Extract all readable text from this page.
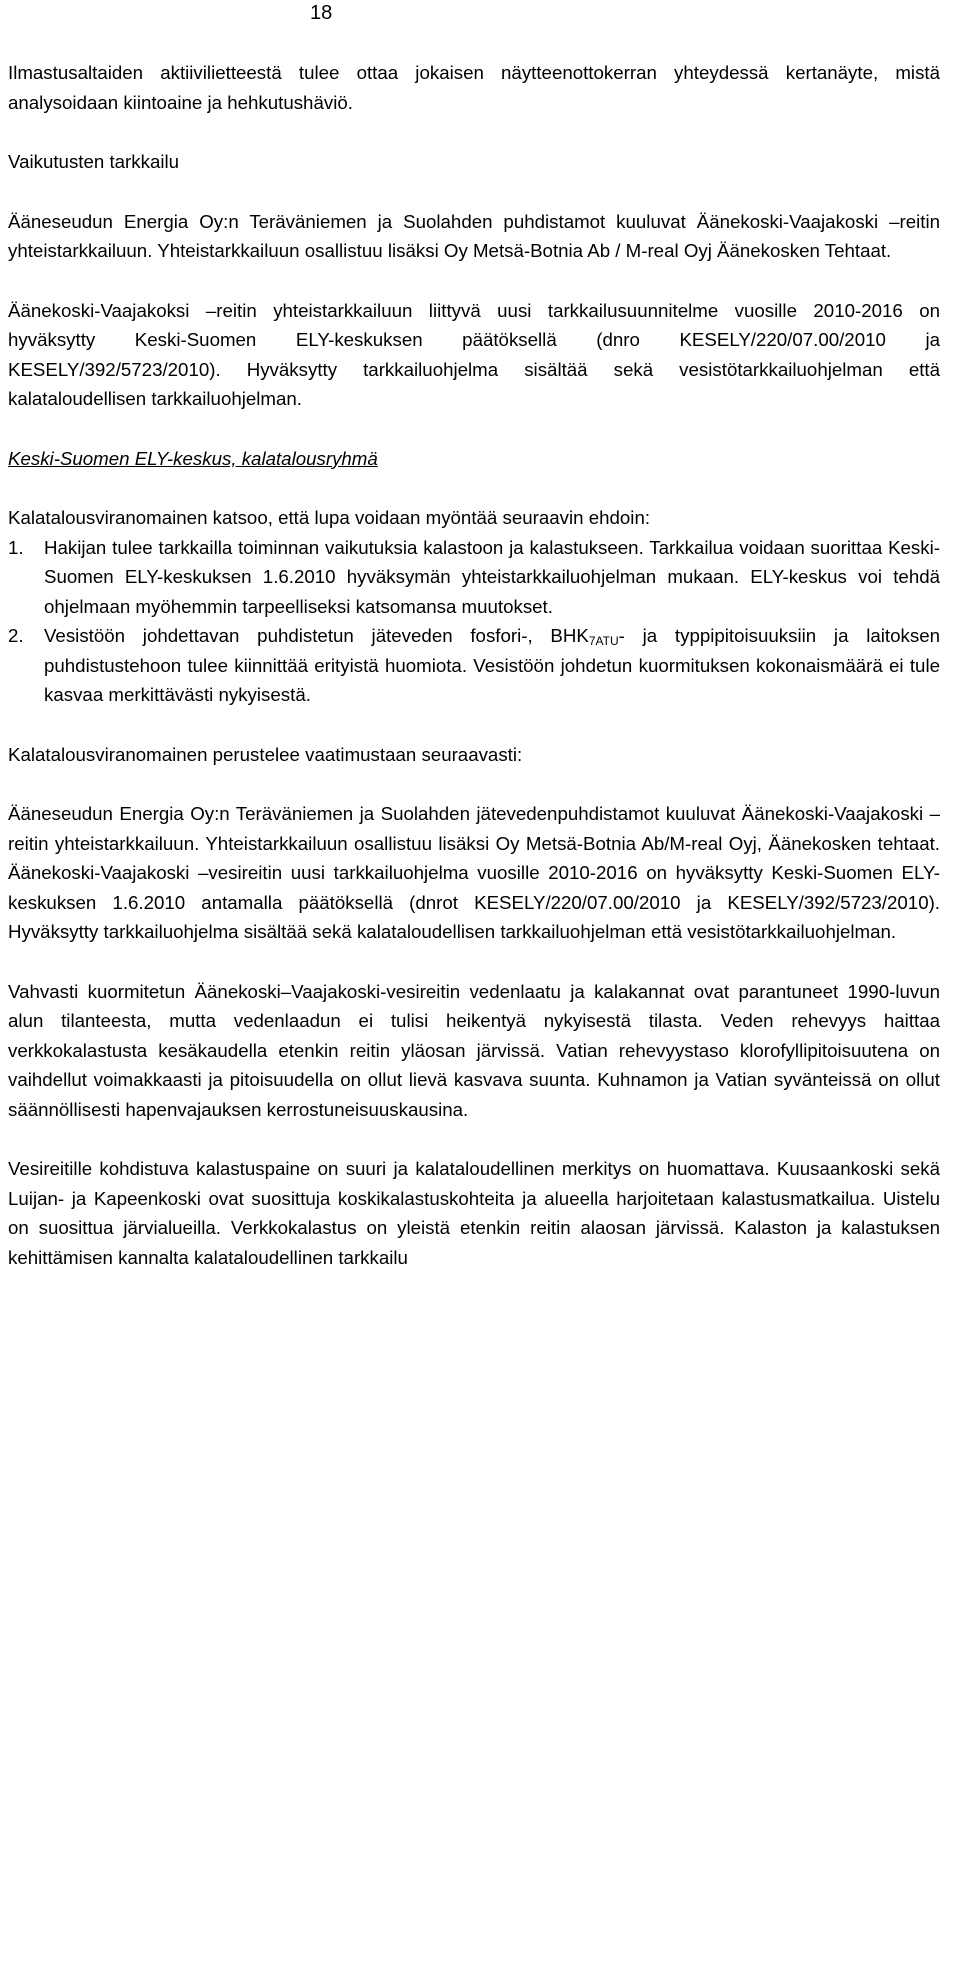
18

Ilmastusaltaiden aktiivilietteestä tulee ottaa jokaisen näytteenottokerran yhteydessä kertanäyte, mistä analysoidaan kiintoaine ja hehkutushäviö.

Vaikutusten tarkkailu

Ääneseudun Energia Oy:n Teräväniemen ja Suolahden puhdistamot kuuluvat Äänekoski-Vaajakoski –reitin yhteistarkkailuun. Yhteistarkkailuun osallistuu lisäksi Oy Metsä-Botnia Ab / M-real Oyj Äänekosken Tehtaat.

Äänekoski-Vaajakoksi –reitin yhteistarkkailuun liittyvä uusi tarkkailusuunnitelme vuosille 2010-2016 on hyväksytty Keski-Suomen ELY-keskuksen päätöksellä (dnro KESELY/220/07.00/2010 ja KESELY/392/5723/2010). Hyväksytty tarkkailuohjelma sisältää sekä vesistötarkkailuohjelman että kalataloudellisen tarkkailuohjelman.

Keski-Suomen ELY-keskus, kalatalousryhmä

Kalatalousviranomainen katsoo, että lupa voidaan myöntää seuraavin ehdoin:

1. Hakijan tulee tarkkailla toiminnan vaikutuksia kalastoon ja kalastukseen. Tarkkailua voidaan suorittaa Keski-Suomen ELY-keskuksen 1.6.2010 hyväksymän yhteistarkkailuohjelman mukaan. ELY-keskus voi tehdä ohjelmaan myöhemmin tarpeelliseksi katsomansa muutokset.
2. Vesistöön johdettavan puhdistetun jäteveden fosfori-, $BHK_{7ATU}-$ ja typpipitoisuuksiin ja laitoksen puhdistustehoon tulee kiinnittää erityistä huomiota. Vesistöön johdetun kuormituksen kokonaismäärä ei tule kasvaa merkittävästi nykyisestä.

Kalatalousviranomainen perustelee vaatimustaan seuraavasti:

Ääneseudun Energia Oy:n Teräväniemen ja Suolahden jätevedenpuhdistamot kuuluvat Äänekoski-Vaajakoski –reitin yhteistarkkailuun. Yhteistarkkailuun osallistuu lisäksi Oy Metsä-Botnia Ab/M-real Oyj, Äänekosken tehtaat. Äänekoski-Vaajakoski –vesireitin uusi tarkkailuohjelma vuosille 2010-2016 on hyväksytty Keski-Suomen ELY-keskuksen 1.6.2010 antamalla päätöksellä (dnrot KESELY/220/07.00/2010 ja KESELY/392/5723/2010). Hyväksytty tarkkailuohjelma sisältää sekä kalataloudellisen tarkkailuohjelman että vesistötarkkailuohjelman.

Vahvasti kuormitetun Äänekoski–Vaajakoski-vesireitin vedenlaatu ja kalakannat ovat parantuneet 1990-luvun alun tilanteesta, mutta vedenlaadun ei tulisi heikentyä nykyisestä tilasta. Veden rehevyys haittaa verkkokalastusta kesäkaudella etenkin reitin yläosan järvissä. Vatian rehevyystaso klorofyllipitoisuutena on vaihdellut voimakkaasti ja pitoisuudella on ollut lievä kasvava suunta. Kuhnamon ja Vatian syvänteissä on ollut säännöllisesti hapenvajauksen kerrostuneisuuskausina.

Vesireitille kohdistuva kalastuspaine on suuri ja kalataloudellinen merkitys on huomattava. Kuusaankoski sekä Luijan- ja Kapeenkoski ovat suosittuja koskikalastuskohteita ja alueella harjoitetaan kalastusmatkailua. Uistelu on suosittua järvialueilla. Verkkokalastus on yleistä etenkin reitin alaosan järvissä. Kalaston ja kalastuksen kehittämisen kannalta kalataloudellinen tarkkailu
